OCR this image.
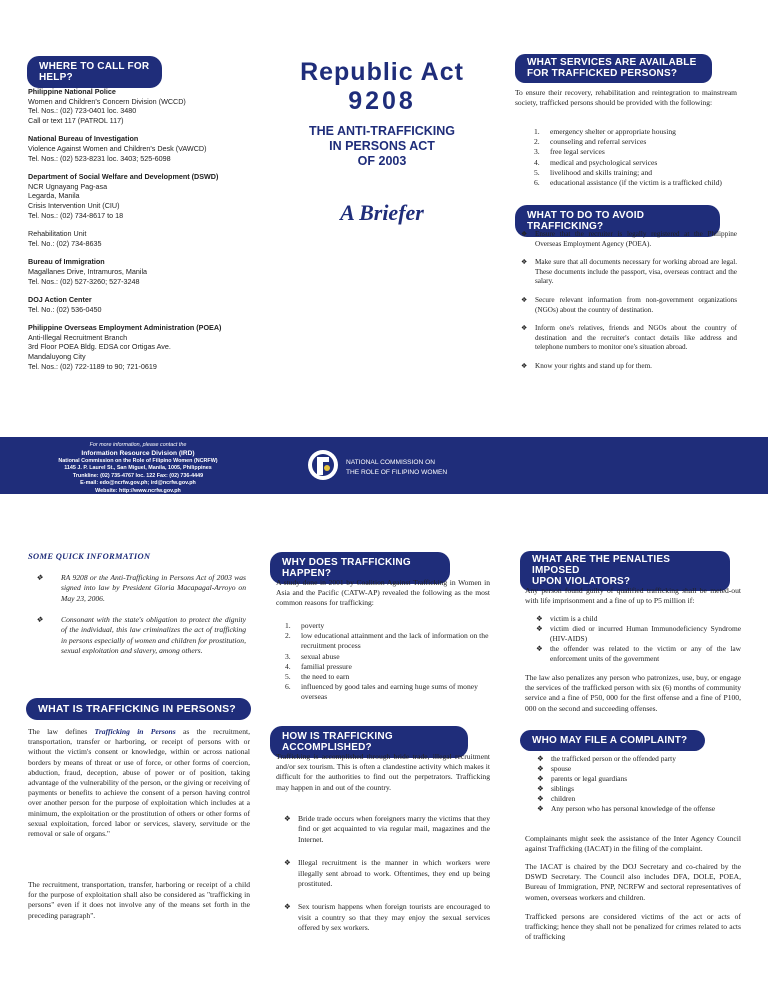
WHERE TO CALL FOR HELP?

Philippine National Police

Women and Children's Concern Division (WCCD)

Tel. Nos.: (02) 723-0401 loc. 3480

Call or text 117 (PATROL 117)

National Bureau of Investigation

Violence Against Women and Children's Desk (VAWCD)

Tel. Nos.: (02) 523-8231 loc. 3403; 525-6098

Department of Social Welfare and Development (DSWD)

NCR Ugnayang Pag-asa

Legarda, Manila

Crisis Intervention Unit (CIU)

Tel. Nos.: (02) 734-8617 to 18

Rehabilitation Unit

Tel. No.: (02) 734-8635

Bureau of Immigration

Magallanes Drive, Intramuros, Manila

Tel. Nos.: (02) 527-3260; 527-3248

DOJ Action Center

Tel. No.: (02) 536-0450

Philippine Overseas Employment Administration (POEA)

Anti-Illegal Recruitment Branch

3rd Floor POEA Bldg. EDSA cor Ortigas Ave.

Mandaluyong City

Tel. Nos.: (02) 722-1189 to 90; 721-0619

Republic Act
9208
THE ANTI-TRAFFICKING
IN PERSONS ACT
OF 2003
A Briefer
WHAT SERVICES ARE AVAILABLE
FOR TRAFFICKED PERSONS?
To ensure their recovery, rehabilitation and reintegration to mainstream society, trafficked persons should be provided with the following:
1.	emergency shelter or appropriate housing
2.	counseling and referral services
3.	free legal services
4.	medical and psychological services
5.	livelihood and skills training; and
6.	educational assistance (if the victim is a trafficked child)
WHAT TO DO TO AVOID TRAFFICKING?
❖	Ensure that the recruiter is legally registered at the Philippine Overseas Employment Agency (POEA).
❖	Make sure that all documents necessary for working abroad are legal. These documents include the passport, visa, overseas contract and the salary.
❖	Secure relevant information from non-government organizations (NGOs) about the country of destination.
❖	Inform one's relatives, friends and NGOs about the country of destination and the recruiter's contact details like address and telephone numbers to monitor one's situation abroad.
❖	Know your rights and stand up for them.
For more information, please contact the
Information Resource Division (IRD)
National Commission on the Role of Filipino Women (NCRFW)
1145 J. P. Laurel St., San Miguel, Manila, 1005, Philippines
Trunkline: (02) 735-4767 loc. 122 Fax: (02) 736-4449
E-mail: edo@ncrfw.gov.ph; ird@ncrfw.gov.ph
Website: http://www.ncrfw.gov.ph
NATIONAL COMMISSION ON
THE ROLE OF FILIPINO WOMEN
SOME QUICK INFORMATION
❖ RA 9208 or the Anti-Trafficking in Persons Act of 2003 was signed into law by President Gloria Macapagal-Arroyo on May 23, 2006.
❖ Consonant with the state's obligation to protect the dignity of the individual, this law criminalizes the act of trafficking in persons especially of women and children for prostitution, sexual exploitation and slavery, among others.
WHAT IS TRAFFICKING IN PERSONS?
The law defines Trafficking in Persons as the recruitment, transportation, transfer or harboring, or receipt of persons with or without the victim's consent or knowledge, within or across national borders by means of threat or use of force, or other forms of coercion, abduction, fraud, deception, abuse of power or of position, taking advantage of the vulnerability of the person, or the giving or receiving of payments or benefits to achieve the consent of a person having control over another person for the purpose of exploitation which includes at a minimum, the exploitation or the prostitution of others or other forms of sexual exploitation, forced labor or services, slavery, servitude or the removal or sale of organs."
The recruitment, transportation, transfer, harboring or receipt of a child for the purpose of exploitation shall also be considered as "trafficking in persons" even if it does not involve any of the means set forth in the preceding paragraph".
WHY DOES TRAFFICKING HAPPEN?
A study done in 2001 by Coalition Against Trafficking in Women in Asia and the Pacific (CATW-AP) revealed the following as the most common reasons for trafficking:
1.	poverty
2.	low educational attainment and the lack of information on the recruitment process
3.	sexual abuse
4.	familial pressure
5.	the need to earn
6.	influenced by good tales and earning huge sums of money overseas
HOW IS TRAFFICKING ACCOMPLISHED?
Trafficking is accomplished through bride trade, illegal recruitment and/or sex tourism. This is often a clandestine activity which makes it difficult for the authorities to find out the perpetrators. Trafficking may happen in and out of the country.
❖ Bride trade occurs when foreigners marry the victims that they find or get acquainted to via regular mail, magazines and the Internet.
❖ Illegal recruitment is the manner in which workers were illegally sent abroad to work. Oftentimes, they end up being prostituted.
❖ Sex tourism happens when foreign tourists are encouraged to visit a country so that they may enjoy the sexual services offered by sex workers.
WHAT ARE THE PENALTIES IMPOSED
UPON VIOLATORS?
Any person found guilty of qualified trafficking shall be meted-out with life imprisonment and a fine of up to P5 million if:
❖ victim is a child
❖ victim died or incurred Human Immunodeficiency Syndrome (HIV-AIDS)
❖ the offender was related to the victim or any of the law enforcement units of the government
The law also penalizes any person who patronizes, use, buy, or engage the services of the trafficked person with six (6) months of community service and a fine of P50, 000 for the first offense and a fine of P100, 000 on the second and succeeding offenses.
WHO MAY FILE A COMPLAINT?
❖ the trafficked person or the offended party
❖ spouse
❖ parents or legal guardians
❖ siblings
❖ children
❖ Any person who has personal knowledge of the offense
Complainants might seek the assistance of the Inter Agency Council against Trafficking (IACAT) in the filing of the complaint.
The IACAT is chaired by the DOJ Secretary and co-chaired by the DSWD Secretary. The Council also includes DFA, DOLE, POEA, Bureau of Immigration, PNP, NCRFW and sectoral representatives of women, overseas workers and children.
Trafficked persons are considered victims of the act or acts of trafficking; hence they shall not be penalized for crimes related to acts of trafficking
